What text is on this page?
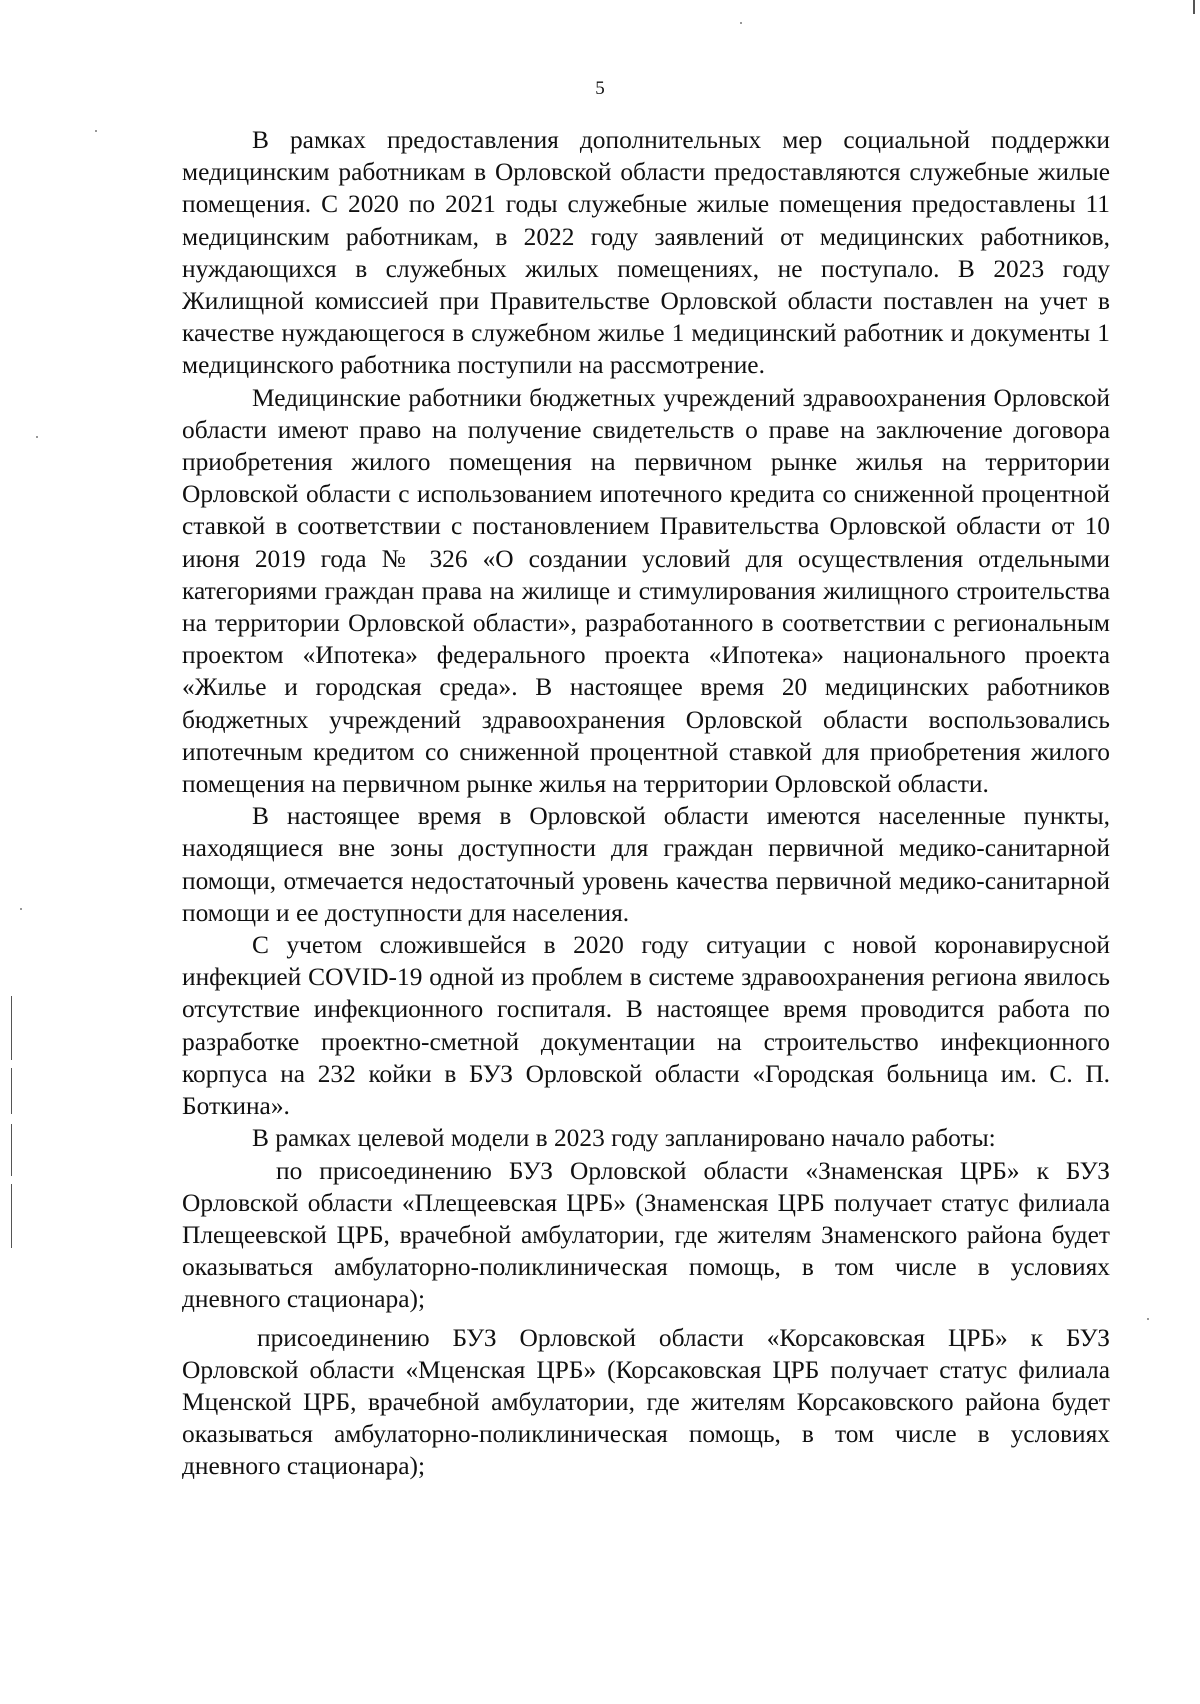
5

В рамках предоставления дополнительных мер социальной поддержки медицинским работникам в Орловской области предоставляются служебные жилые помещения. С 2020 по 2021 годы служебные жилые помещения предоставлены 11 медицинским работникам, в 2022 году заявлений от медицинских работников, нуждающихся в служебных жилых помещениях, не поступало. В 2023 году Жилищной комиссией при Правительстве Орловской области поставлен на учет в качестве нуждающегося в служебном жилье 1 медицинский работник и документы 1 медицинского работника поступили на рассмотрение.

Медицинские работники бюджетных учреждений здравоохранения Орловской области имеют право на получение свидетельств о праве на заключение договора приобретения жилого помещения на первичном рынке жилья на территории Орловской области с использованием ипотечного кредита со сниженной процентной ставкой в соответствии с постановлением Правительства Орловской области от 10 июня 2019 года № 326 «О создании условий для осуществления отдельными категориями граждан права на жилище и стимулирования жилищного строительства на территории Орловской области», разработанного в соответствии с региональным проектом «Ипотека» федерального проекта «Ипотека» национального проекта «Жилье и городская среда». В настоящее время 20 медицинских работников бюджетных учреждений здравоохранения Орловской области воспользовались ипотечным кредитом со сниженной процентной ставкой для приобретения жилого помещения на первичном рынке жилья на территории Орловской области.

В настоящее время в Орловской области имеются населенные пункты, находящиеся вне зоны доступности для граждан первичной медико-санитарной помощи, отмечается недостаточный уровень качества первичной медико-санитарной помощи и ее доступности для населения.

С учетом сложившейся в 2020 году ситуации с новой коронавирусной инфекцией COVID-19 одной из проблем в системе здравоохранения региона явилось отсутствие инфекционного госпиталя. В настоящее время проводится работа по разработке проектно-сметной документации на строительство инфекционного корпуса на 232 койки в БУЗ Орловской области «Городская больница им. С. П. Боткина».

В рамках целевой модели в 2023 году запланировано начало работы:

по присоединению БУЗ Орловской области «Знаменская ЦРБ» к БУЗ Орловской области «Плещеевская ЦРБ» (Знаменская ЦРБ получает статус филиала Плещеевской ЦРБ, врачебной амбулатории, где жителям Знаменского района будет оказываться амбулаторно-поликлиническая помощь, в том числе в условиях дневного стационара);

присоединению БУЗ Орловской области «Корсаковская ЦРБ» к БУЗ Орловской области «Мценская ЦРБ» (Корсаковская ЦРБ получает статус филиала Мценской ЦРБ, врачебной амбулатории, где жителям Корсаковского района будет оказываться амбулаторно-поликлиническая помощь, в том числе в условиях дневного стационара);
